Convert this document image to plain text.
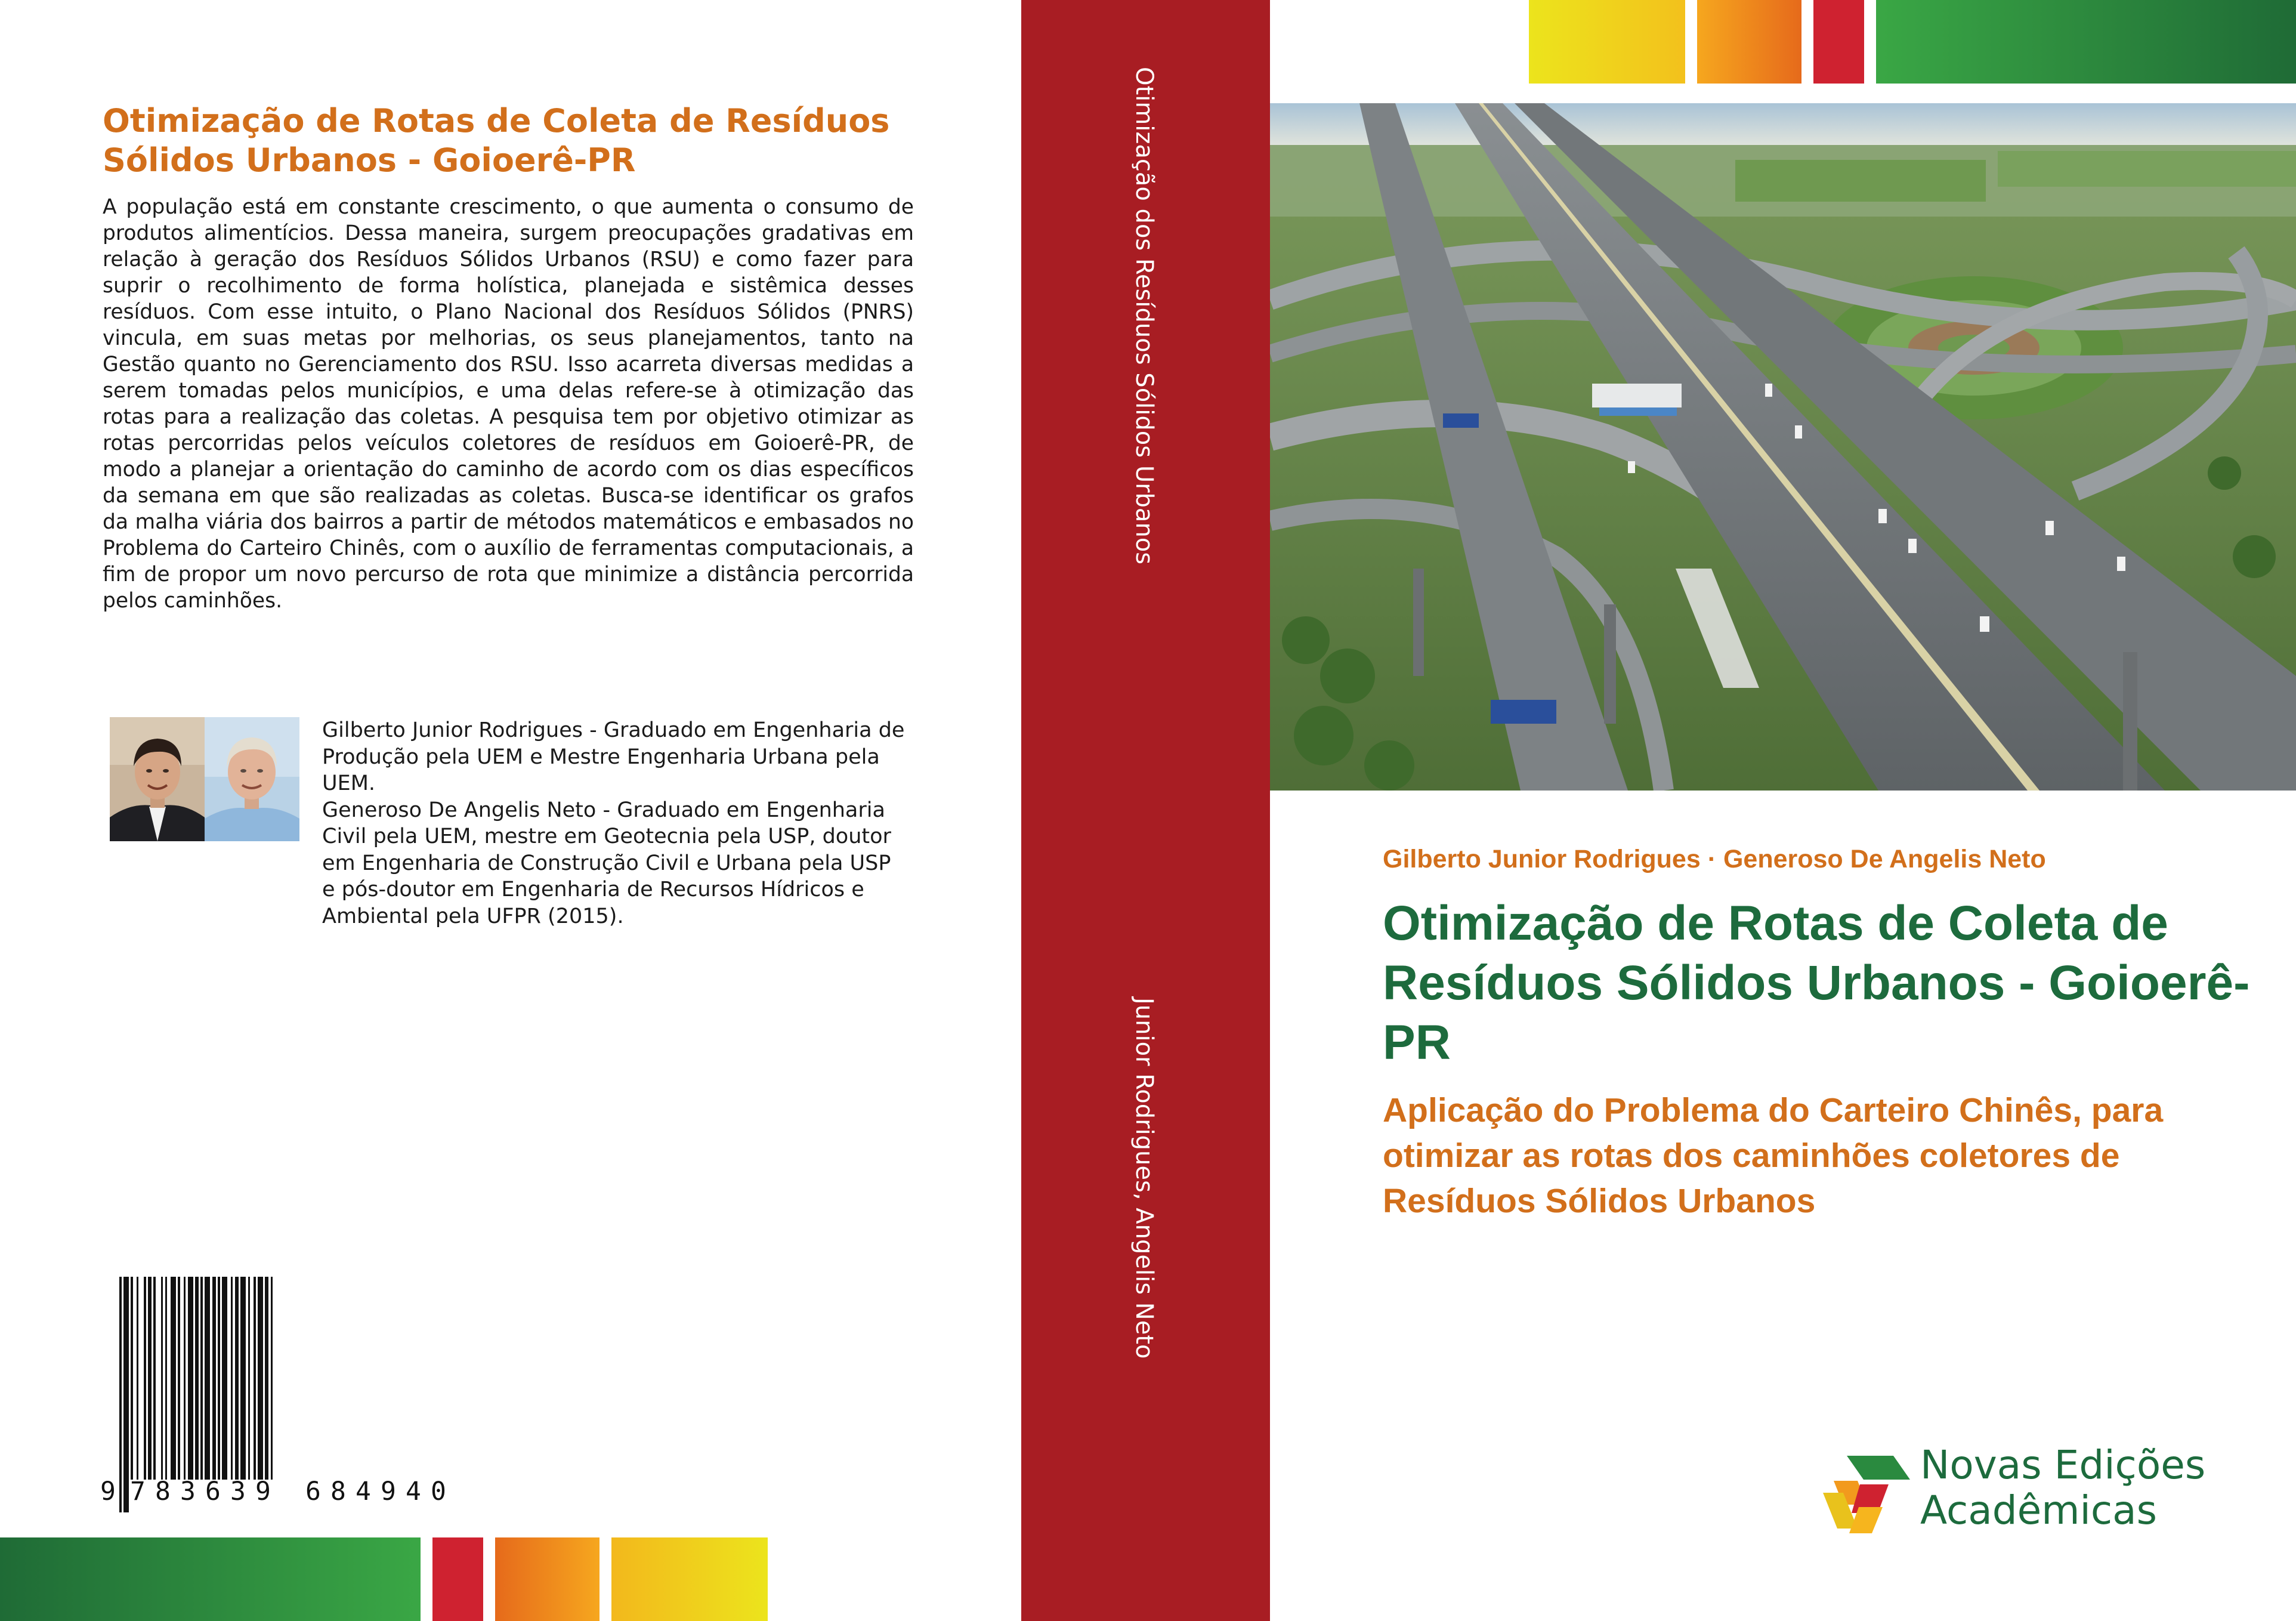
Otimização de Rotas de Coleta de Resíduos Sólidos Urbanos - Goioerê-PR

A população está em constante crescimento, o que aumenta o consumo de produtos alimentícios. Dessa maneira, surgem preocupações gradativas em relação à geração dos Resíduos Sólidos Urbanos (RSU) e como fazer para suprir o recolhimento de forma holística, planejada e sistêmica desses resíduos. Com esse intuito, o Plano Nacional dos Resíduos Sólidos (PNRS) vincula, em suas metas por melhorias, os seus planejamentos, tanto na Gestão quanto no Gerenciamento dos RSU. Isso acarreta diversas medidas a serem tomadas pelos municípios, e uma delas refere-se à otimização das rotas para a realização das coletas. A pesquisa tem por objetivo otimizar as rotas percorridas pelos veículos coletores de resíduos em Goioerê-PR, de modo a planejar a orientação do caminho de acordo com os dias específicos da semana em que são realizadas as coletas. Busca-se identificar os grafos da malha viária dos bairros a partir de métodos matemáticos e embasados no Problema do Carteiro Chinês, com o auxílio de ferramentas computacionais, a fim de propor um novo percurso de rota que minimize a distância percorrida pelos caminhões.

Gilberto Junior Rodrigues - Graduado em Engenharia de Produção pela UEM e Mestre Engenharia Urbana pela UEM.
Generoso De Angelis Neto - Graduado em Engenharia Civil pela UEM, mestre em Geotecnia pela USP, doutor em Engenharia de Construção Civil e Urbana pela USP e pós-doutor em Engenharia de Recursos Hídricos e Ambiental pela UFPR (2015).

9 7 8 3 6 3 9 6 8 4 9 4 0
Otimização dos Resíduos Sólidos Urbanos
Junior Rodrigues, Angelis Neto

Gilberto Junior Rodrigues · Generoso De Angelis Neto

Otimização de Rotas de Coleta de Resíduos Sólidos Urbanos - Goioerê-PR
Aplicação do Problema do Carteiro Chinês, para otimizar as rotas dos caminhões coletores de Resíduos Sólidos Urbanos

Novas Edições
Acadêmicas
